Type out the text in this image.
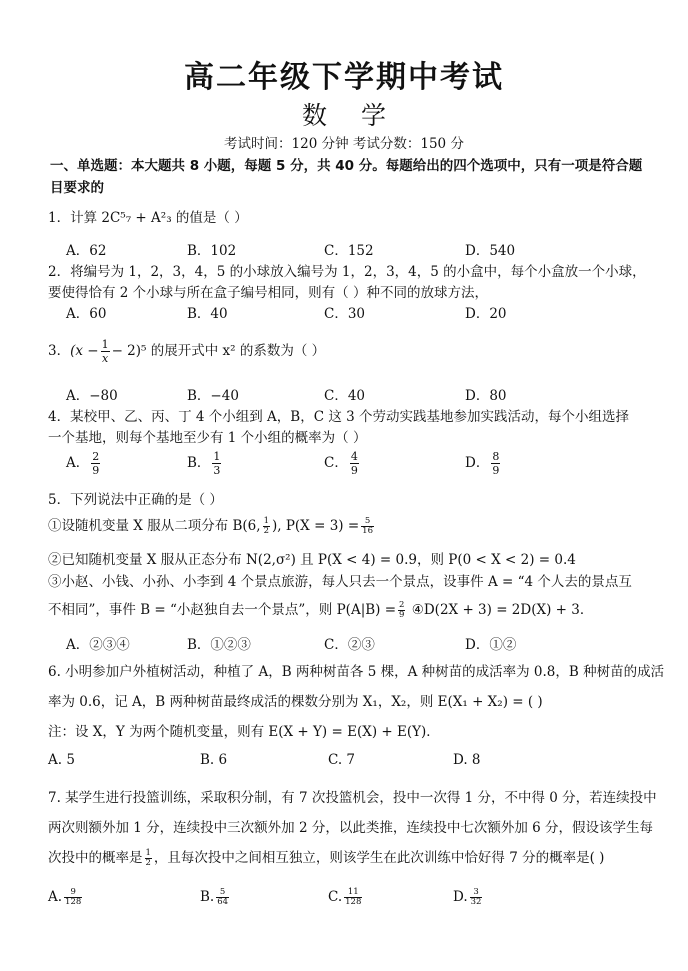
高二年级下学期中考试
数学
考试时间：120 分钟 考试分数：150 分
一、单选题：本大题共 8 小题，每题 5 分，共 40 分。每题给出的四个选项中，只有一项是符合题
目要求的
1．计算 2C⁵₇ + A²₃ 的值是（ ）
A．62	B．102	C．152	D．540
2．将编号为 1，2，3，4，5 的小球放入编号为 1，2，3，4，5 的小盒中，每个小盒放一个小球，
要使得恰有 2 个小球与所在盒子编号相同，则有（ ）种不同的放球方法，
A．60	B．40	C．30	D．20
3．$(x - \frac{1}{x} - 2)^5$ 的展开式中 x² 的系数为（ ）
A．−80	B．−40	C．40	D．80
4．某校甲、乙、丙、丁 4 个小组到 A，B，C 这 3 个劳动实践基地参加实践活动，每个小组选择
一个基地，则每个基地至少有 1 个小组的概率为（ ）
A． $\frac{2}{9}$	B． $\frac{1}{3}$	C． $\frac{4}{9}$	D． $\frac{8}{9}$
5．下列说法中正确的是（ ）
①设随机变量 X 服从二项分布 B(6, $\frac{1}{2}$ ), $P(X = 3) = \frac{5}{16}$
②已知随机变量 X 服从正态分布 N(2,σ²) 且 P(X < 4) = 0.9，则 P(0 < X < 2) = 0.4
③小赵、小钱、小孙、小李到 4 个景点旅游，每人只去一个景点，设事件 A = “4 个人去的景点互
不相同”，事件 B = “小赵独自去一个景点”，则 $P(A|B) = \frac{2}{9}$ ④D(2X + 3) = 2D(X) + 3．
A．②③④	B．①②③	C．②③	D．①②
6. 小明参加户外植树活动，种植了 A，B 两种树苗各 5 棵，A 种树苗的成活率为 0.8，B 种树苗的成活
率为 0.6，记 A，B 两种树苗最终成活的棵数分别为 X₁，X₂，则 E(X₁ + X₂) = ( )
注：设 X，Y 为两个随机变量，则有 E(X + Y) = E(X) + E(Y)．
A. 5	B. 6	C. 7	D. 8
7. 某学生进行投篮训练，采取积分制，有 7 次投篮机会，投中一次得 1 分，不中得 0 分，若连续投中
两次则额外加 1 分，连续投中三次额外加 2 分，以此类推，连续投中七次额外加 6 分，假设该学生每
次投中的概率是 $\frac{1}{2}$ ，且每次投中之间相互独立，则该学生在此次训练中恰好得 7 分的概率是( )
A. $\frac{9}{128}$	B. $\frac{5}{64}$	C. $\frac{11}{128}$	D. $\frac{3}{32}$
